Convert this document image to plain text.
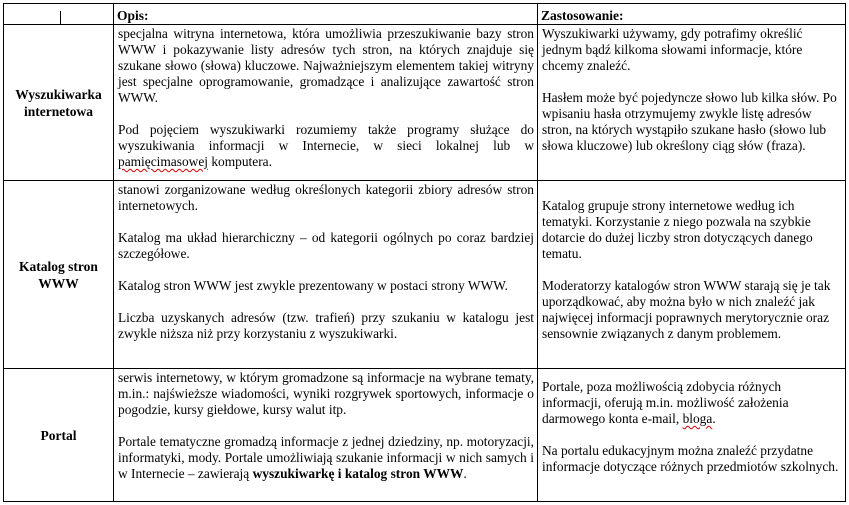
Opis:	Zastosowanie:
Wyszukiwarka
internetowa

specjalna witryna internetowa, która umożliwia przeszukiwanie bazy stron WWW i pokazywanie listy adresów tych stron, na których znajduje się szukane słowo (słowa) kluczowe. Najważniejszym elementem takiej witryny jest specjalne oprogramowanie, gromadzące i analizujące zawartość stron WWW.

Pod pojęciem wyszukiwarki rozumiemy także programy służące do wyszukiwania informacji w Internecie, w sieci lokalnej lub w pamięcimasowej komputera.

Wyszukiwarki używamy, gdy potrafimy określić jednym bądź kilkoma słowami informacje, które chcemy znaleźć.

Hasłem może być pojedyncze słowo lub kilka słów. Po wpisaniu hasła otrzymujemy zwykle listę adresów stron, na których wystąpiło szukane hasło (słowo lub słowa kluczowe) lub określony ciąg słów (fraza).

Katalog stron
WWW

stanowi zorganizowane według określonych kategorii zbiory adresów stron internetowych.

Katalog ma układ hierarchiczny – od kategorii ogólnych po coraz bardziej szczegółowe.

Katalog stron WWW jest zwykle prezentowany w postaci strony WWW.

Liczba uzyskanych adresów (tzw. trafień) przy szukaniu w katalogu jest zwykle niższa niż przy korzystaniu z wyszukiwarki.

Katalog grupuje strony internetowe według ich tematyki. Korzystanie z niego pozwala na szybkie dotarcie do dużej liczby stron dotyczących danego tematu.

Moderatorzy katalogów stron WWW starają się je tak uporządkować, aby można było w nich znaleźć jak najwięcej informacji poprawnych merytorycznie oraz sensownie związanych z danym problemem.

Portal

serwis internetowy, w którym gromadzone są informacje na wybrane tematy, m.in.: najświeższe wiadomości, wyniki rozgrywek sportowych, informacje o pogodzie, kursy giełdowe, kursy walut itp.

Portale tematyczne gromadzą informacje z jednej dziedziny, np. motoryzacji, informatyki, mody. Portale umożliwiają szukanie informacji w nich samych i w Internecie – zawierają wyszukiwarkę i katalog stron WWW.

Portale, poza możliwością zdobycia różnych informacji, oferują m.in. możliwość założenia darmowego konta e-mail, bloga.

Na portalu edukacyjnym można znaleźć przydatne informacje dotyczące różnych przedmiotów szkolnych.
